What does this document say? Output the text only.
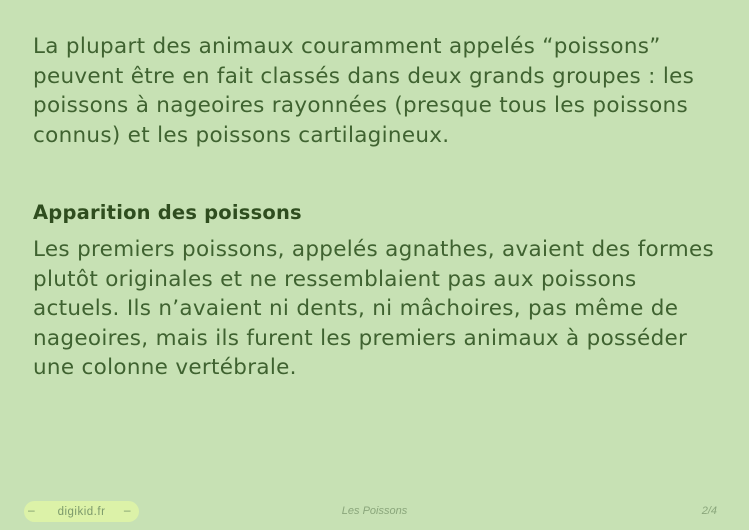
La plupart des animaux couramment appelés “poissons” peuvent être en fait classés dans deux grands groupes : les poissons à nageoires rayonnées (presque tous les poissons connus) et les poissons cartilagineux.

Apparition des poissons

Les premiers poissons, appelés agnathes, avaient des formes plutôt originales et ne ressemblaient pas aux poissons actuels. Ils n’avaient ni dents, ni mâchoires, pas même de nageoires, mais ils furent les premiers animaux à posséder une colonne vertébrale.

– digikid.fr –	Les Poissons	2/4
